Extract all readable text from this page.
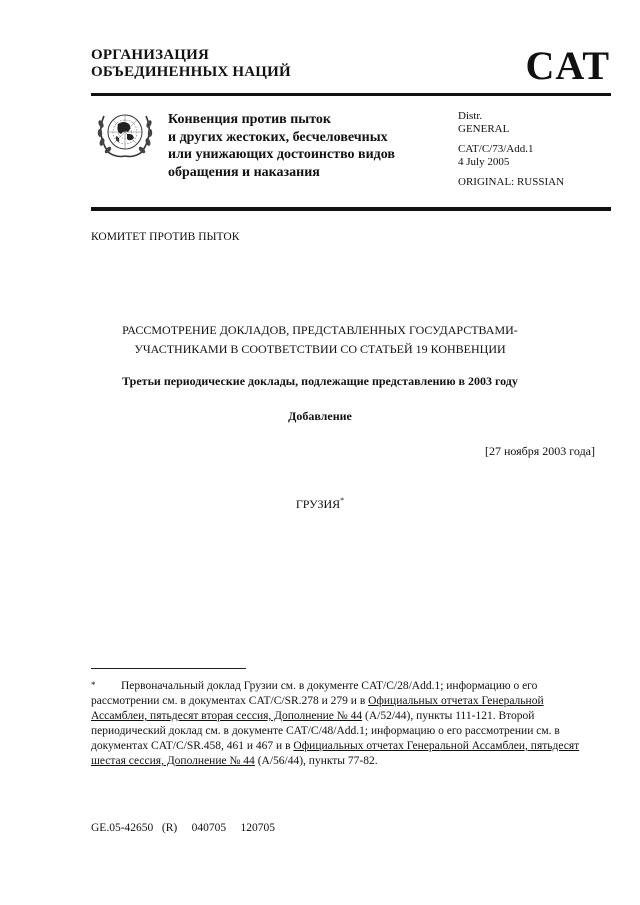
ОРГАНИЗАЦИЯ
ОБЪЕДИНЕННЫХ НАЦИЙ	CAT
Конвенция против пыток
и других жестоких, бесчеловечных
или унижающих достоинство видов
обращения и наказания
Distr.
GENERAL
CAT/C/73/Add.1
4 July 2005
ORIGINAL: RUSSIAN
КОМИТЕТ ПРОТИВ ПЫТОК
РАССМОТРЕНИЕ ДОКЛАДОВ, ПРЕДСТАВЛЕННЫХ ГОСУДАРСТВАМИ-
УЧАСТНИКАМИ В СООТВЕТСТВИИ СО СТАТЬЕЙ 19 КОНВЕНЦИИ
Третьи периодические доклады, подлежащие представлению в 2003 году
Добавление
[27 ноября 2003 года]
ГРУЗИЯ*
* Первоначальный доклад Грузии см. в документе CAT/C/28/Add.1; информацию о его рассмотрении см. в документах CAT/C/SR.278 и 279 и в Официальных отчетах Генеральной Ассамблеи, пятьдесят вторая сессия, Дополнение № 44 (A/52/44), пункты 111-121. Второй периодический доклад см. в документе CAT/C/48/Add.1; информацию о его рассмотрении см. в документах CAT/C/SR.458, 461 и 467 и в Официальных отчетах Генеральной Ассамблеи, пятьдесят шестая сессия, Дополнение № 44 (A/56/44), пункты 77-82.
GE.05-42650   (R)     040705     120705
